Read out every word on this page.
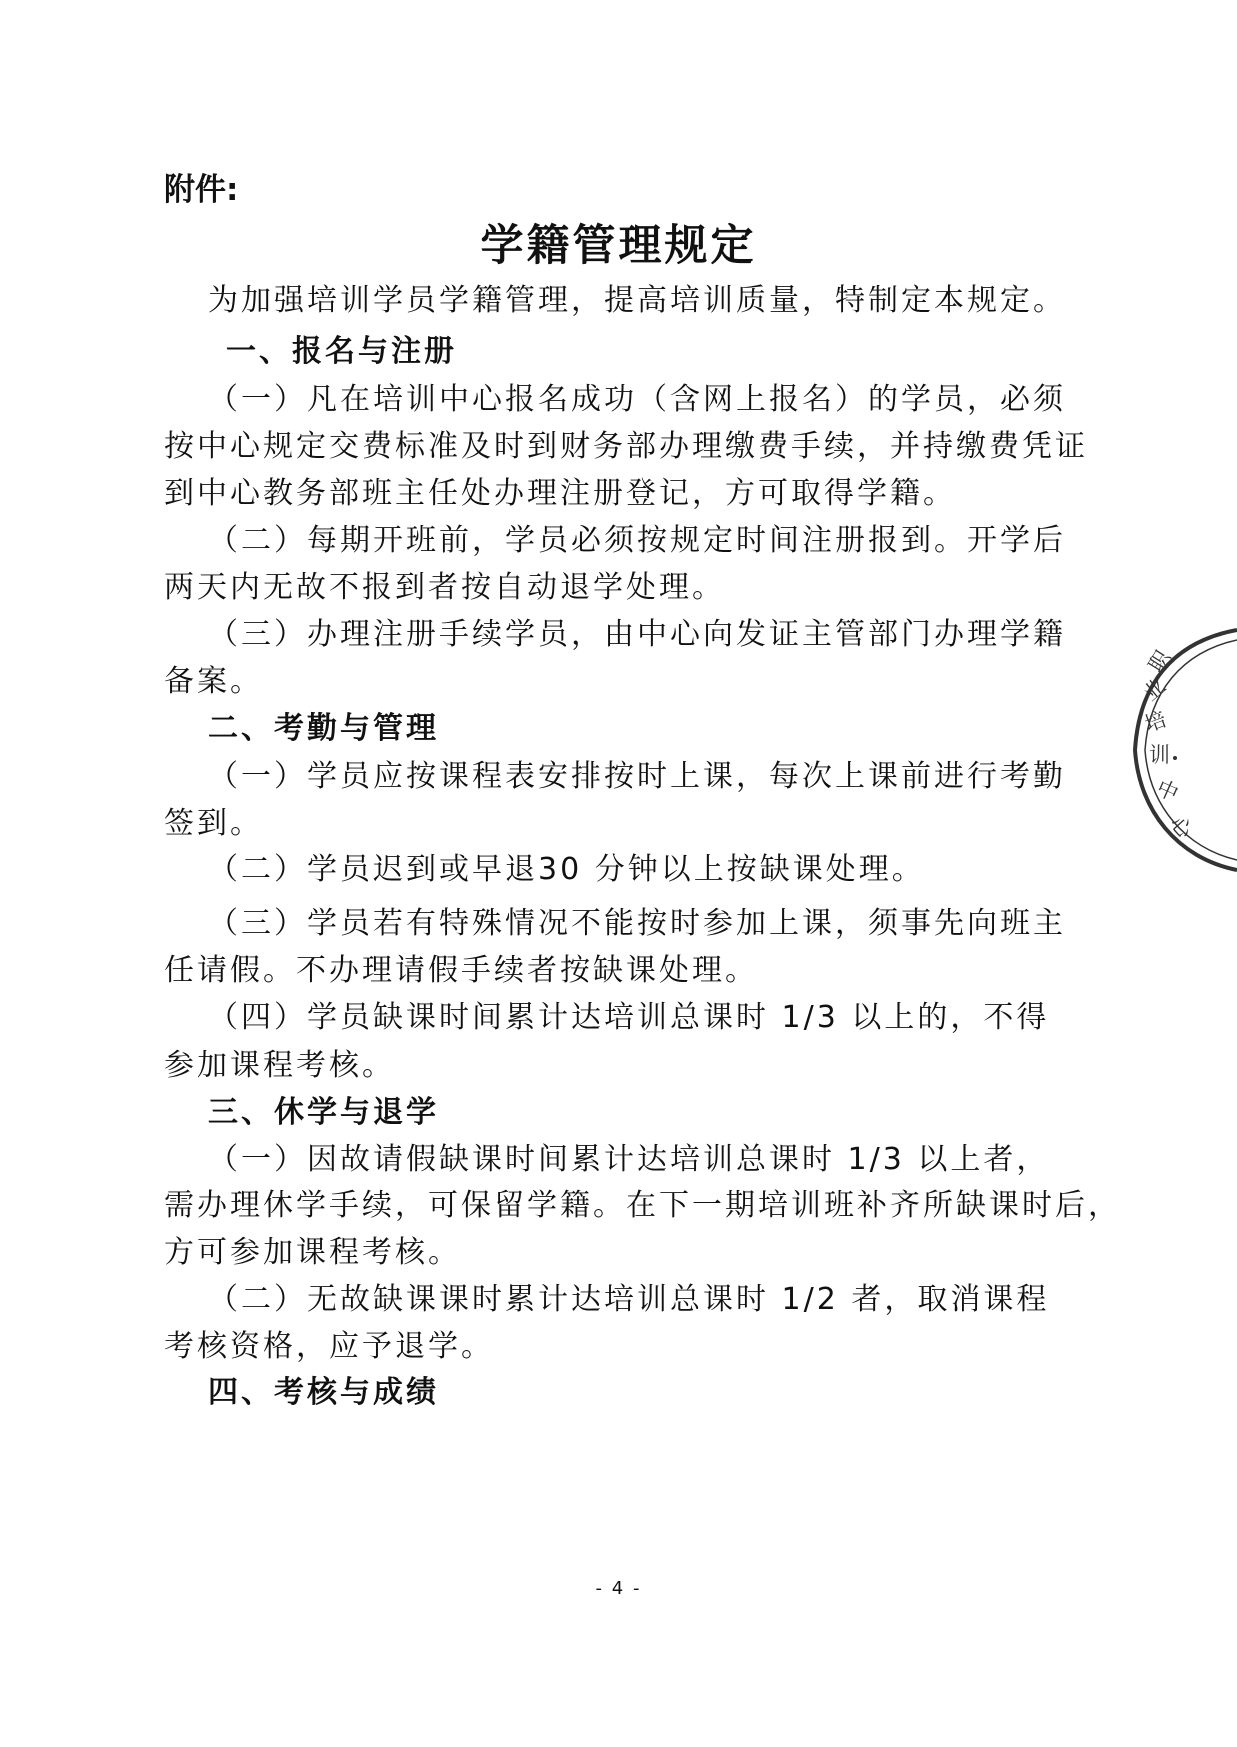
附件:
学籍管理规定
为加强培训学员学籍管理，提高培训质量，特制定本规定。
一、报名与注册
（一）凡在培训中心报名成功（含网上报名）的学员，必须
按中心规定交费标准及时到财务部办理缴费手续，并持缴费凭证
到中心教务部班主任处办理注册登记，方可取得学籍。
（二）每期开班前，学员必须按规定时间注册报到。开学后
两天内无故不报到者按自动退学处理。
（三）办理注册手续学员，由中心向发证主管部门办理学籍
备案。
二、考勤与管理
（一）学员应按课程表安排按时上课，每次上课前进行考勤
签到。
（二）学员迟到或早退30 分钟以上按缺课处理。
（三）学员若有特殊情况不能按时参加上课，须事先向班主
任请假。不办理请假手续者按缺课处理。
（四）学员缺课时间累计达培训总课时 1/3 以上的，不得
参加课程考核。
三、休学与退学
（一）因故请假缺课时间累计达培训总课时 1/3 以上者，
需办理休学手续，可保留学籍。在下一期培训班补齐所缺课时后，
方可参加课程考核。
（二）无故缺课课时累计达培训总课时 1/2 者，取消课程
考核资格，应予退学。
四、考核与成绩
职
业
培
训
中
心
- 4 -
